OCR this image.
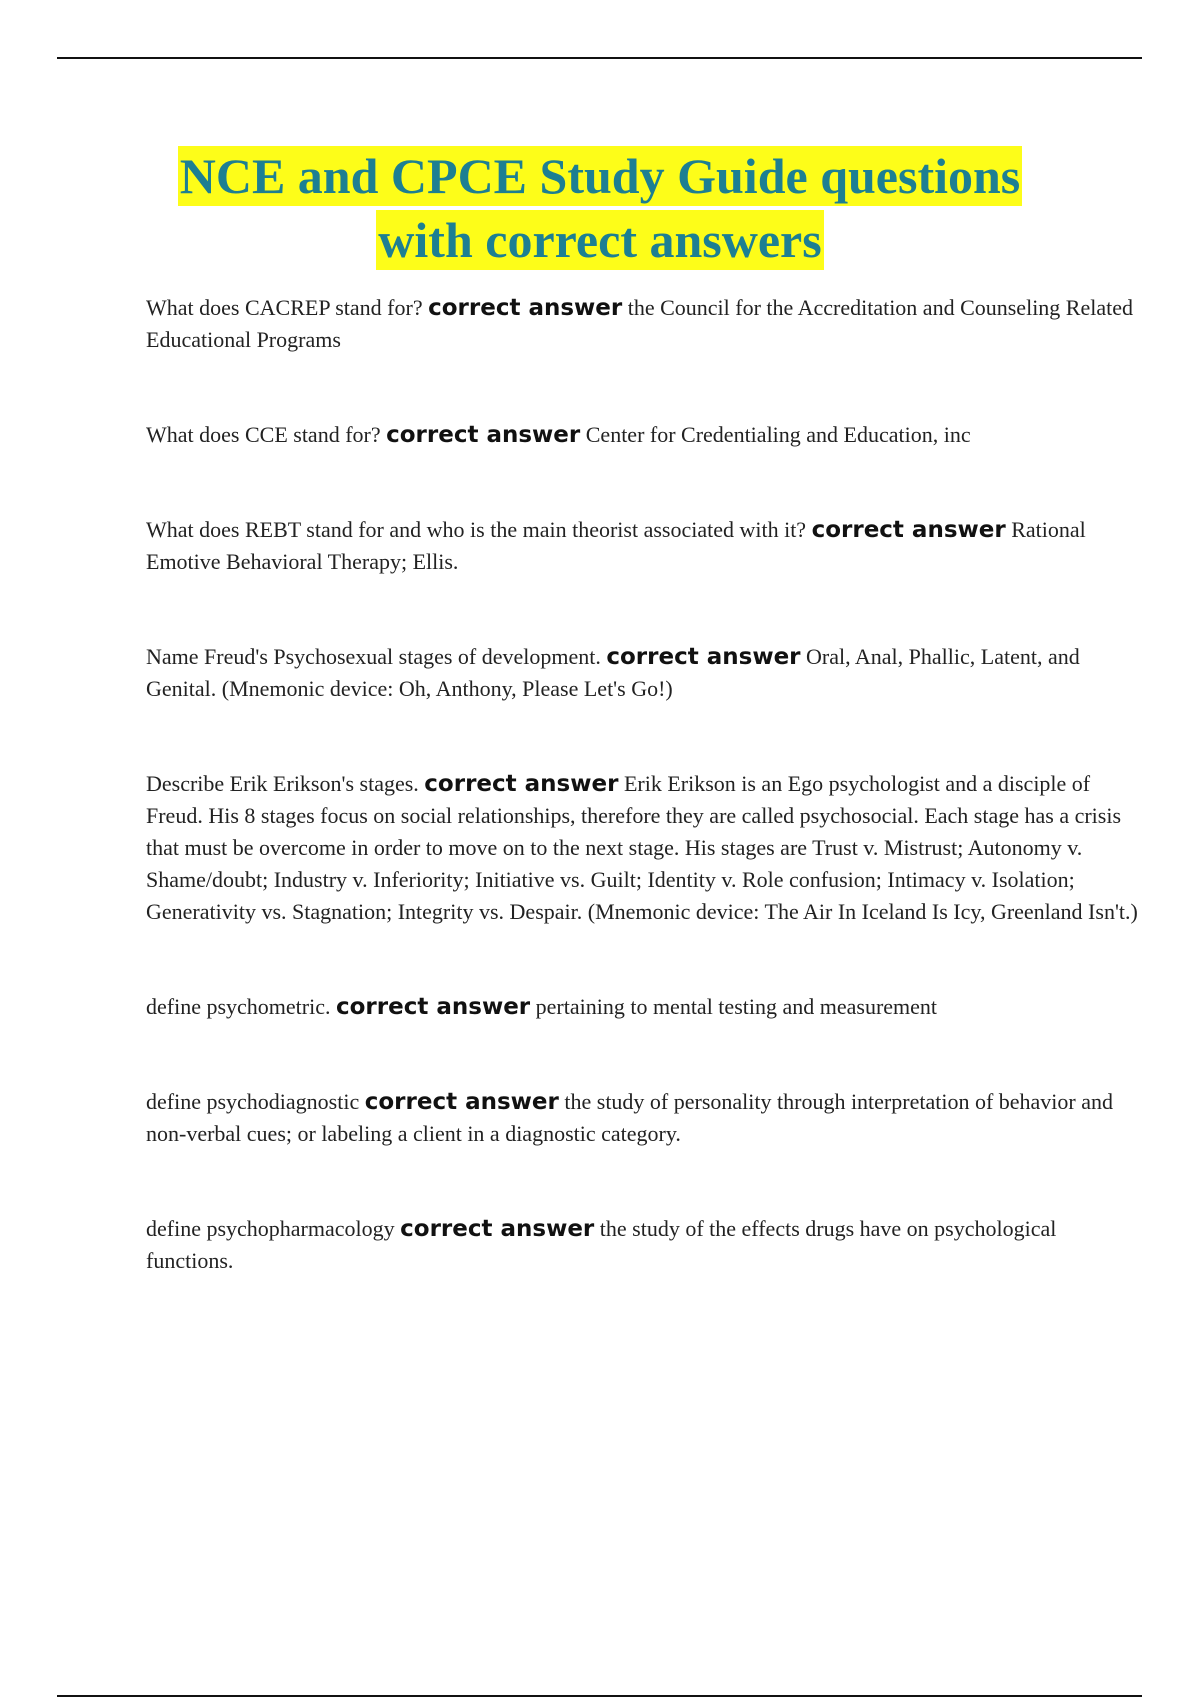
NCE and CPCE Study Guide questions
with correct answers

What does CACREP stand for? correct answer the Council for the Accreditation and Counseling Related Educational Programs

What does CCE stand for? correct answer Center for Credentialing and Education, inc

What does REBT stand for and who is the main theorist associated with it? correct answer Rational Emotive Behavioral Therapy; Ellis.

Name Freud's Psychosexual stages of development. correct answer Oral, Anal, Phallic, Latent, and Genital. (Mnemonic device: Oh, Anthony, Please Let's Go!)

Describe Erik Erikson's stages. correct answer Erik Erikson is an Ego psychologist and a disciple of Freud. His 8 stages focus on social relationships, therefore they are called psychosocial. Each stage has a crisis that must be overcome in order to move on to the next stage. His stages are Trust v. Mistrust; Autonomy v. Shame/doubt; Industry v. Inferiority; Initiative vs. Guilt; Identity v. Role confusion; Intimacy v. Isolation; Generativity vs. Stagnation; Integrity vs. Despair. (Mnemonic device: The Air In Iceland Is Icy, Greenland Isn't.)

define psychometric. correct answer pertaining to mental testing and measurement

define psychodiagnostic correct answer the study of personality through interpretation of behavior and non-verbal cues; or labeling a client in a diagnostic category.

define psychopharmacology correct answer the study of the effects drugs have on psychological functions.
